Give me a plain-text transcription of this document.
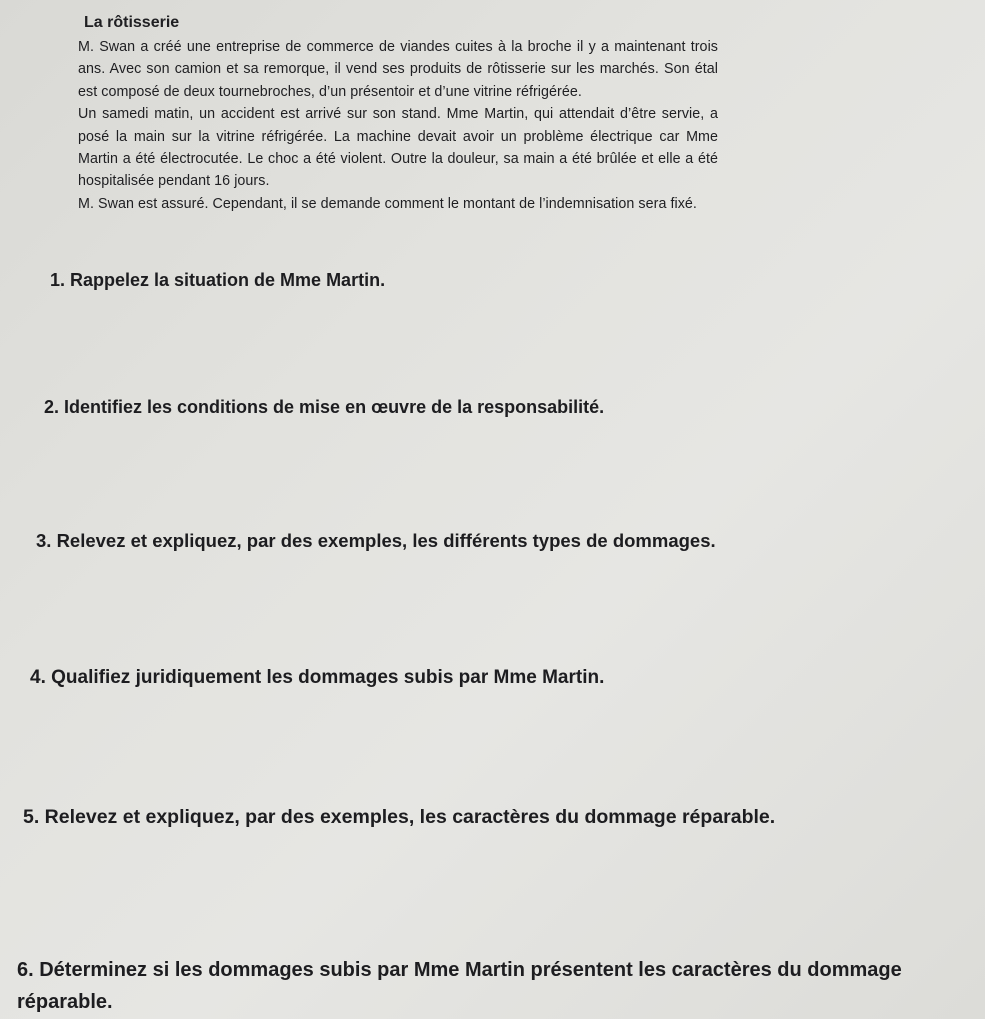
La rôtisserie

M. Swan a créé une entreprise de commerce de viandes cuites à la broche il y a maintenant trois ans. Avec son camion et sa remorque, il vend ses produits de rôtisserie sur les marchés. Son étal est composé de deux tournebroches, d’un présentoir et d’une vitrine réfrigérée.

Un samedi matin, un accident est arrivé sur son stand. Mme Martin, qui attendait d’être servie, a posé la main sur la vitrine réfrigérée. La machine devait avoir un problème électrique car Mme Martin a été électrocutée. Le choc a été violent. Outre la douleur, sa main a été brûlée et elle a été hospitalisée pendant 16 jours.

M. Swan est assuré. Cependant, il se demande comment le montant de l’indemnisation sera fixé.

1. Rappelez la situation de Mme Martin.

2. Identifiez les conditions de mise en œuvre de la responsabilité.

3. Relevez et expliquez, par des exemples, les différents types de dommages.

4. Qualifiez juridiquement les dommages subis par Mme Martin.

5. Relevez et expliquez, par des exemples, les caractères du dommage réparable.

6. Déterminez si les dommages subis par Mme Martin présentent les caractères du dommage réparable.
